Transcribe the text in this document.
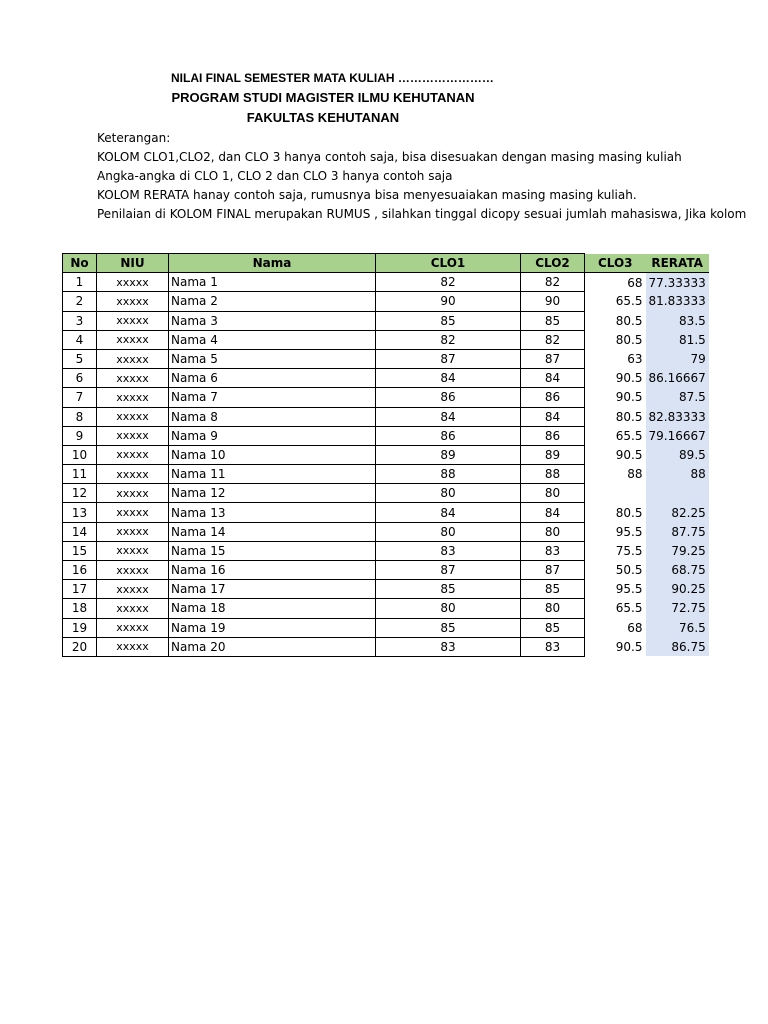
NILAI FINAL SEMESTER MATA KULIAH ……………………
PROGRAM STUDI MAGISTER ILMU KEHUTANAN
FAKULTAS KEHUTANAN
Keterangan:
KOLOM CLO1,CLO2, dan CLO 3 hanya contoh saja, bisa disesuakan dengan masing masing kuliah
Angka-angka di CLO 1, CLO 2 dan CLO 3 hanya contoh saja
KOLOM RERATA hanay contoh saja, rumusnya bisa menyesuaiakan masing masing kuliah.
Penilaian di KOLOM FINAL merupakan RUMUS , silahkan tinggal dicopy sesuai jumlah mahasiswa, Jika kolom
No	NIU	Nama	CLO1	CLO2	CLO3	RERATA
1	xxxxx	Nama 1	82	82	68	77.33333
2	xxxxx	Nama 2	90	90	65.5	81.83333
3	xxxxx	Nama 3	85	85	80.5	83.5
4	xxxxx	Nama 4	82	82	80.5	81.5
5	xxxxx	Nama 5	87	87	63	79
6	xxxxx	Nama 6	84	84	90.5	86.16667
7	xxxxx	Nama 7	86	86	90.5	87.5
8	xxxxx	Nama 8	84	84	80.5	82.83333
9	xxxxx	Nama 9	86	86	65.5	79.16667
10	xxxxx	Nama 10	89	89	90.5	89.5
11	xxxxx	Nama 11	88	88	88	88
12	xxxxx	Nama 12	80	80		
13	xxxxx	Nama 13	84	84	80.5	82.25
14	xxxxx	Nama 14	80	80	95.5	87.75
15	xxxxx	Nama 15	83	83	75.5	79.25
16	xxxxx	Nama 16	87	87	50.5	68.75
17	xxxxx	Nama 17	85	85	95.5	90.25
18	xxxxx	Nama 18	80	80	65.5	72.75
19	xxxxx	Nama 19	85	85	68	76.5
20	xxxxx	Nama 20	83	83	90.5	86.75
